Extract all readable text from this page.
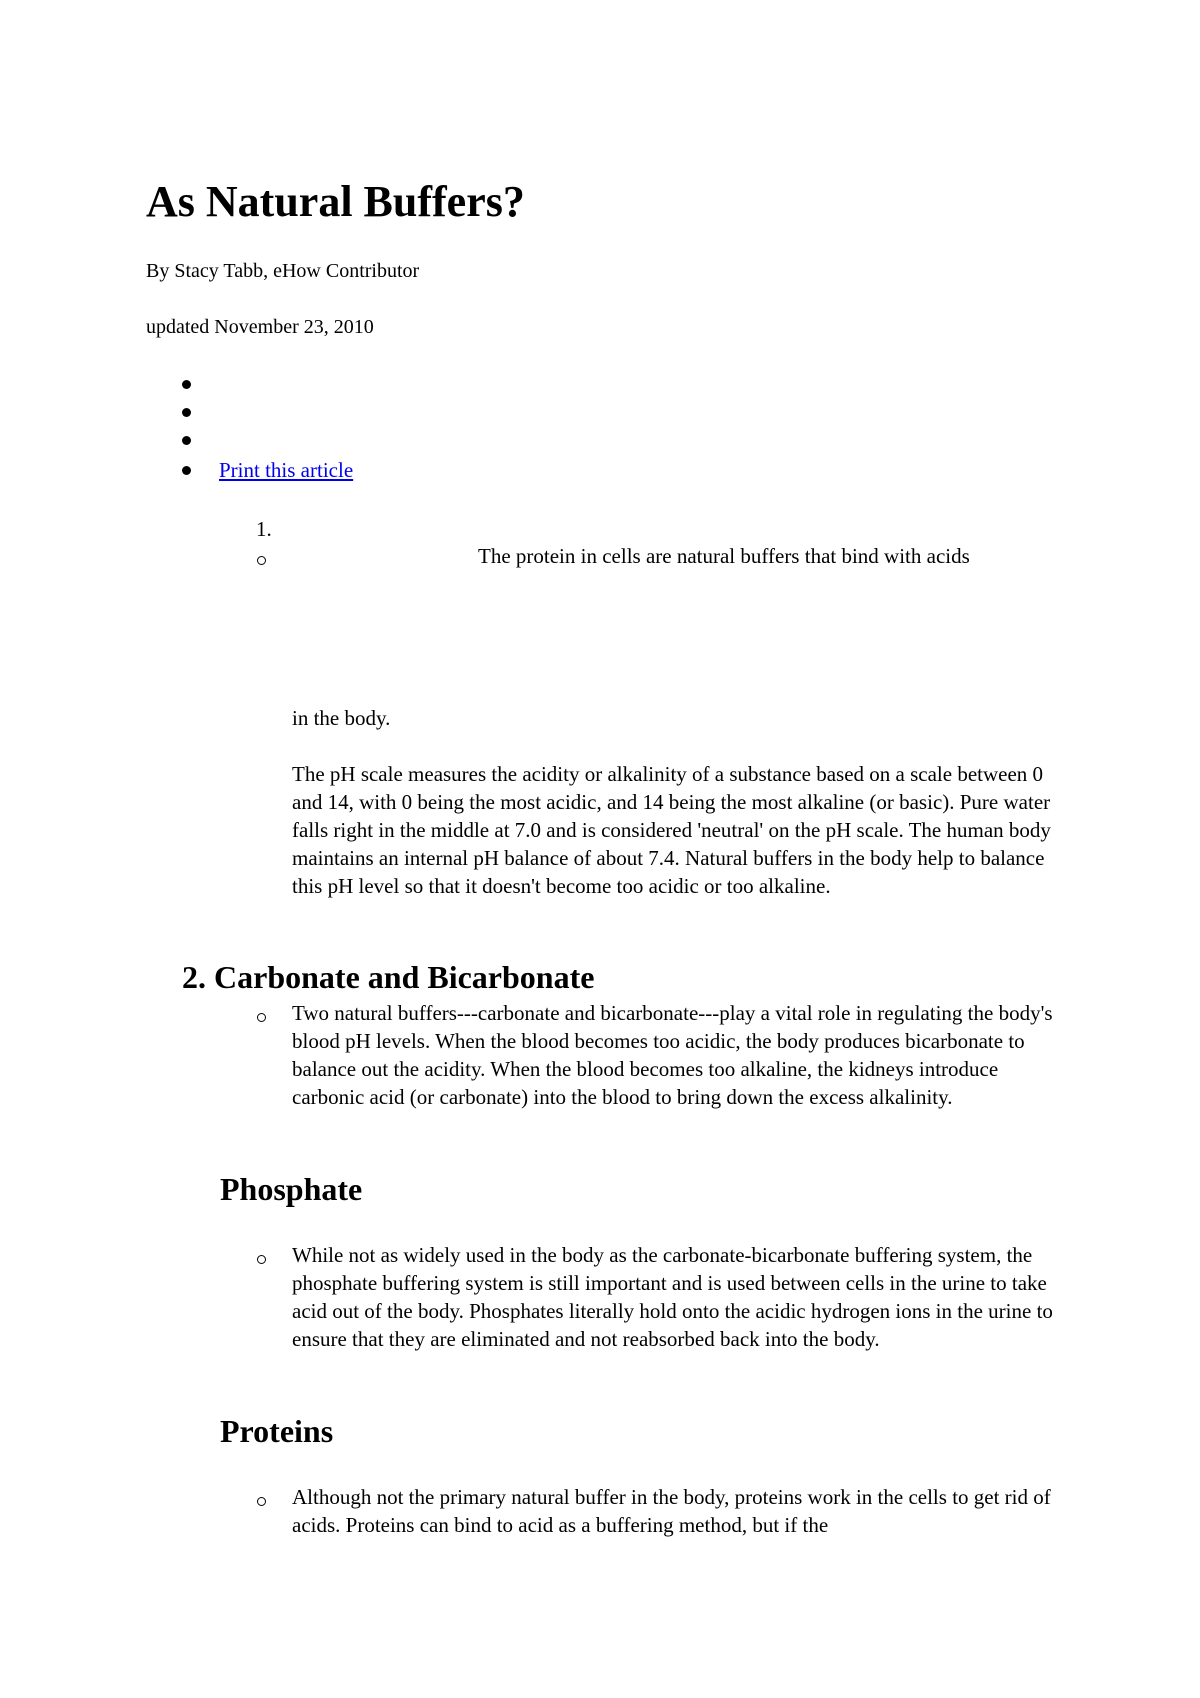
As Natural Buffers?
By Stacy Tabb, eHow Contributor
updated November 23, 2010
Print this article
1.
The protein in cells are natural buffers that bind with acids
in the body.
The pH scale measures the acidity or alkalinity of a substance based on a scale between 0 and 14, with 0 being the most acidic, and 14 being the most alkaline (or basic). Pure water falls right in the middle at 7.0 and is considered 'neutral' on the pH scale. The human body maintains an internal pH balance of about 7.4. Natural buffers in the body help to balance this pH level so that it doesn't become too acidic or too alkaline.
2. Carbonate and Bicarbonate
Two natural buffers---carbonate and bicarbonate---play a vital role in regulating the body's blood pH levels. When the blood becomes too acidic, the body produces bicarbonate to balance out the acidity. When the blood becomes too alkaline, the kidneys introduce carbonic acid (or carbonate) into the blood to bring down the excess alkalinity.
Phosphate
While not as widely used in the body as the carbonate-bicarbonate buffering system, the phosphate buffering system is still important and is used between cells in the urine to take acid out of the body. Phosphates literally hold onto the acidic hydrogen ions in the urine to ensure that they are eliminated and not reabsorbed back into the body.
Proteins
Although not the primary natural buffer in the body, proteins work in the cells to get rid of acids. Proteins can bind to acid as a buffering method, but if the
